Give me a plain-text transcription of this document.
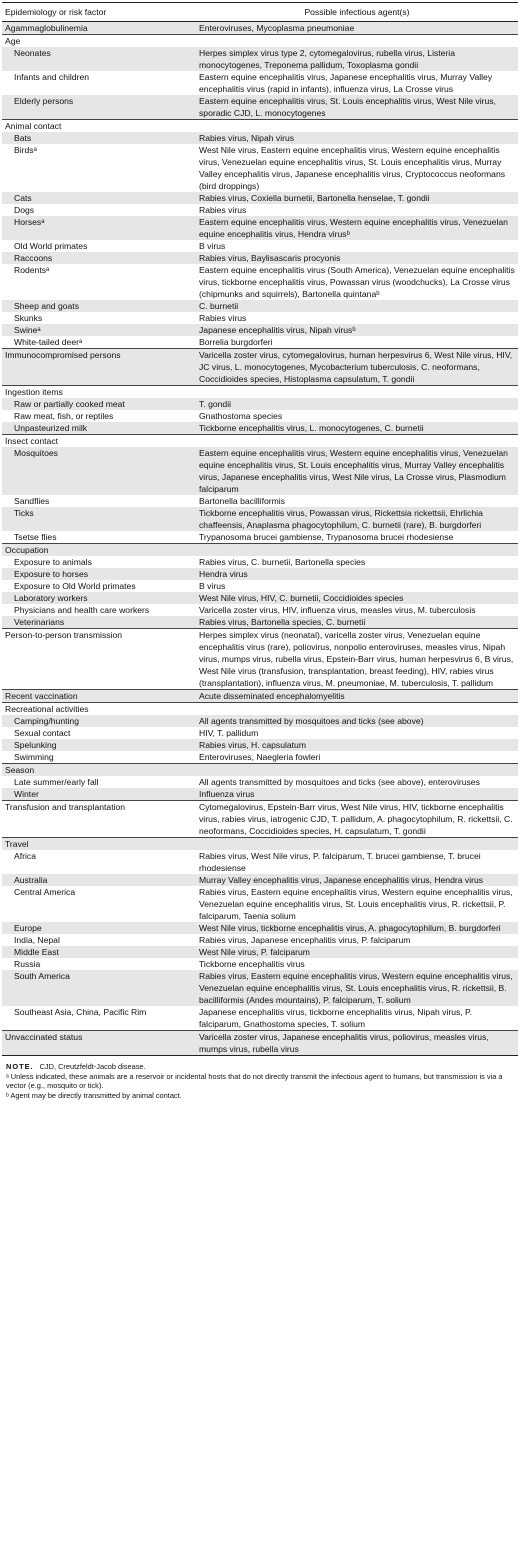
Epidemiology or risk factor	Possible infectious agent(s)
Agammaglobulinemia	Enteroviruses, Mycoplasma pneumoniae
Age	
Neonates	Herpes simplex virus type 2, cytomegalovirus, rubella virus, Listeria monocytogenes, Treponema pallidum, Toxoplasma gondii
Infants and children	Eastern equine encephalitis virus, Japanese encephalitis virus, Murray Valley encephalitis virus (rapid in infants), influenza virus, La Crosse virus
Elderly persons	Eastern equine encephalitis virus, St. Louis encephalitis virus, West Nile virus, sporadic CJD, L. monocytogenes
Animal contact	
Bats	Rabies virus, Nipah virus
Birdsᵃ	West Nile virus, Eastern equine encephalitis virus, Western equine encephalitis virus, Venezuelan equine encephalitis virus, St. Louis encephalitis virus, Murray Valley encephalitis virus, Japanese encephalitis virus, Cryptococcus neoformans (bird droppings)
Cats	Rabies virus, Coxiella burnetii, Bartonella henselae, T. gondii
Dogs	Rabies virus
Horsesᵃ	Eastern equine encephalitis virus, Western equine encephalitis virus, Venezuelan equine encephalitis virus, Hendra virusᵇ
Old World primates	B virus
Raccoons	Rabies virus, Baylisascaris procyonis
Rodentsᵃ	Eastern equine encephalitis virus (South America), Venezuelan equine encephalitis virus, tickborne encephalitis virus, Powassan virus (woodchucks), La Crosse virus (chipmunks and squirrels), Bartonella quintanaᵇ
Sheep and goats	C. burnetii
Skunks	Rabies virus
Swineᵃ	Japanese encephalitis virus, Nipah virusᵇ
White-tailed deerᵃ	Borrelia burgdorferi
Immunocompromised persons	Varicella zoster virus, cytomegalovirus, human herpesvirus 6, West Nile virus, HIV, JC virus, L. monocytogenes, Mycobacterium tuberculosis, C. neoformans, Coccidioides species, Histoplasma capsulatum, T. gondii
Ingestion items	
Raw or partially cooked meat	T. gondii
Raw meat, fish, or reptiles	Gnathostoma species
Unpasteurized milk	Tickborne encephalitis virus, L. monocytogenes, C. burnetii
Insect contact	
Mosquitoes	Eastern equine encephalitis virus, Western equine encephalitis virus, Venezuelan equine encephalitis virus, St. Louis encephalitis virus, Murray Valley encephalitis virus, Japanese encephalitis virus, West Nile virus, La Crosse virus, Plasmodium falciparum
Sandflies	Bartonella bacilliformis
Ticks	Tickborne encephalitis virus, Powassan virus, Rickettsia rickettsii, Ehrlichia chaffeensis, Anaplasma phagocytophilum, C. burnetii (rare), B. burgdorferi
Tsetse flies	Trypanosoma brucei gambiense, Trypanosoma brucei rhodesiense
Occupation	
Exposure to animals	Rabies virus, C. burnetii, Bartonella species
Exposure to horses	Hendra virus
Exposure to Old World primates	B virus
Laboratory workers	West Nile virus, HIV, C. burnetii, Coccidioides species
Physicians and health care workers	Varicella zoster virus, HIV, influenza virus, measles virus, M. tuberculosis
Veterinarians	Rabies virus, Bartonella species, C. burnetii
Person-to-person transmission	Herpes simplex virus (neonatal), varicella zoster virus, Venezuelan equine encephalitis virus (rare), poliovirus, nonpolio enteroviruses, measles virus, Nipah virus, mumps virus, rubella virus, Epstein-Barr virus, human herpesvirus 6, B virus, West Nile virus (transfusion, transplantation, breast feeding), HIV, rabies virus (transplantation), influenza virus, M. pneumoniae, M. tuberculosis, T. pallidum
Recent vaccination	Acute disseminated encephalomyelitis
Recreational activities	
Camping/hunting	All agents transmitted by mosquitoes and ticks (see above)
Sexual contact	HIV, T. pallidum
Spelunking	Rabies virus, H. capsulatum
Swimming	Enteroviruses, Naegleria fowleri
Season	
Late summer/early fall	All agents transmitted by mosquitoes and ticks (see above), enteroviruses
Winter	Influenza virus
Transfusion and transplantation	Cytomegalovirus, Epstein-Barr virus, West Nile virus, HIV, tickborne encephalitis virus, rabies virus, iatrogenic CJD, T. pallidum, A. phagocytophilum, R. rickettsii, C. neoformans, Coccidioides species, H. capsulatum, T. gondii
Travel	
Africa	Rabies virus, West Nile virus, P. falciparum, T. brucei gambiense, T. brucei rhodesiense
Australia	Murray Valley encephalitis virus, Japanese encephalitis virus, Hendra virus
Central America	Rabies virus, Eastern equine encephalitis virus, Western equine encephalitis virus, Venezuelan equine encephalitis virus, St. Louis encephalitis virus, R. rickettsii, P. falciparum, Taenia solium
Europe	West Nile virus, tickborne encephalitis virus, A. phagocytophilum, B. burgdorferi
India, Nepal	Rabies virus, Japanese encephalitis virus, P. falciparum
Middle East	West Nile virus, P. falciparum
Russia	Tickborne encephalitis virus
South America	Rabies virus, Eastern equine encephalitis virus, Western equine encephalitis virus, Venezuelan equine encephalitis virus, St. Louis encephalitis virus, R. rickettsii, B. bacilliformis (Andes mountains), P. falciparum, T. solium
Southeast Asia, China, Pacific Rim	Japanese encephalitis virus, tickborne encephalitis virus, Nipah virus, P. falciparum, Gnathostoma species, T. solium
Unvaccinated status	Varicella zoster virus, Japanese encephalitis virus, poliovirus, measles virus, mumps virus, rubella virus
NOTE. CJD, Creutzfeldt-Jacob disease.
ᵃ Unless indicated, these animals are a reservoir or incidental hosts that do not directly transmit the infectious agent to humans, but transmission is via a vector (e.g., mosquito or tick).
ᵇ Agent may be directly transmitted by animal contact.
